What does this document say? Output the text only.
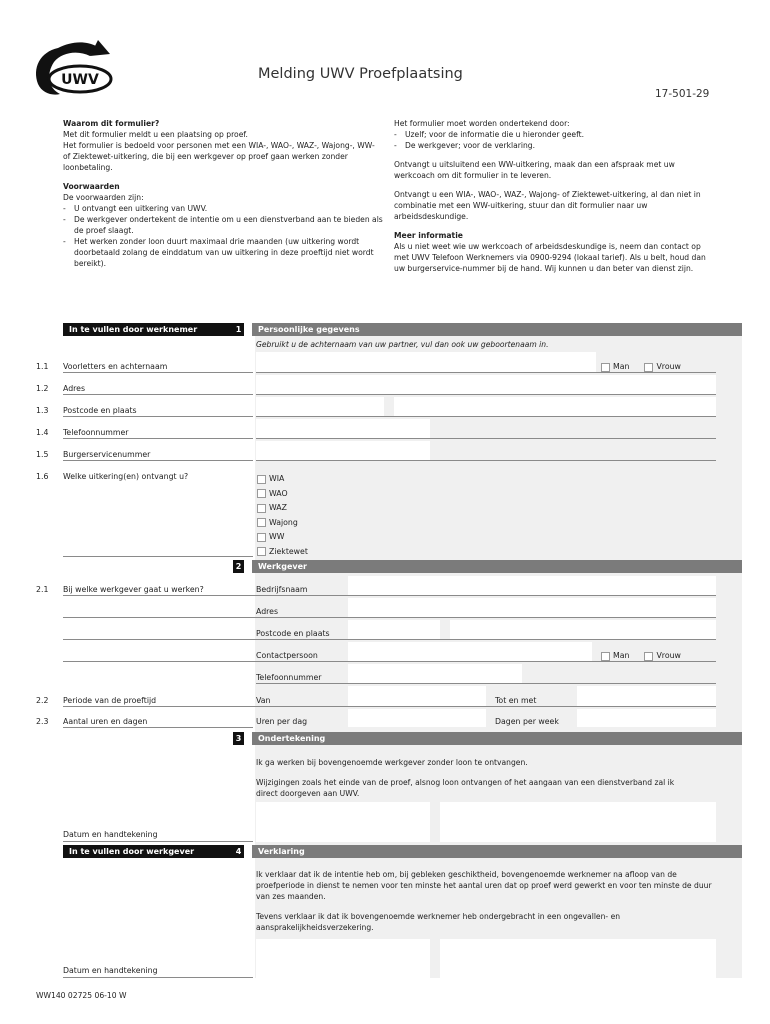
UWV	Melding UWV Proefplaatsing
17-501-29
Waarom dit formulier?
Met dit formulier meldt u een plaatsing op proef.

Het formulier is bedoeld voor personen met een WIA-, WAO-, WAZ-, Wajong-, WW- of Ziektewet-uitkering, die bij een werkgever op proef gaan werken zonder loonbetaling.

Voorwaarden
De voorwaarden zijn:
- U ontvangt een uitkering van UWV.
- De werkgever ondertekent de intentie om u een dienstverband aan te bieden als de proef slaagt.
- Het werken zonder loon duurt maximaal drie maanden (uw uitkering wordt doorbetaald zolang de einddatum van uw uitkering in deze proeftijd niet wordt bereikt).
Het formulier moet worden ondertekend door:
- Uzelf; voor de informatie die u hieronder geeft.
- De werkgever; voor de verklaring.

Ontvangt u uitsluitend een WW-uitkering, maak dan een afspraak met uw werkcoach om dit formulier in te leveren.

Ontvangt u een WIA-, WAO-, WAZ-, Wajong- of Ziektewet-uitkering, al dan niet in combinatie met een WW-uitkering, stuur dan dit formulier naar uw arbeidsdeskundige.

Meer informatie
Als u niet weet wie uw werkcoach of arbeidsdeskundige is, neem dan contact op met UWV Telefoon Werknemers via 0900-9294 (lokaal tarief). Als u belt, houd dan uw burgerservice-nummer bij de hand. Wij kunnen u dan beter van dienst zijn.
In te vullen door werknemer	1	Persoonlijke gegevens
Gebruikt u de achternaam van uw partner, vul dan ook uw geboortenaam in.
1.1 Voorletters en achternaam	Man	Vrouw
1.2 Adres
1.3 Postcode en plaats
1.4 Telefoonnummer
1.5 Burgerservicenummer
1.6 Welke uitkering(en) ontvangt u?	WIA
WAO
WAZ
Wajong
WW
Ziektewet
2	Werkgever
2.1 Bij welke werkgever gaat u werken?	Bedrijfsnaam
Adres
Postcode en plaats
Contactpersoon	Man	Vrouw
Telefoonnummer
2.2 Periode van de proeftijd	Van	Tot en met
2.3 Aantal uren en dagen	Uren per dag	Dagen per week
3	Ondertekening
Ik ga werken bij bovengenoemde werkgever zonder loon te ontvangen.
Wijzigingen zoals het einde van de proef, alsnog loon ontvangen of het aangaan van een dienstverband zal ik direct doorgeven aan UWV.
Datum en handtekening
In te vullen door werkgever	4	Verklaring
Ik verklaar dat ik de intentie heb om, bij gebleken geschiktheid, bovengenoemde werknemer na afloop van de proefperiode in dienst te nemen voor ten minste het aantal uren dat op proef werd gewerkt en voor ten minste de duur van zes maanden.
Tevens verklaar ik dat ik bovengenoemde werknemer heb ondergebracht in een ongevallen- en aansprakelijkheidsverzekering.
Datum en handtekening
WW140 02725 06-10 W
